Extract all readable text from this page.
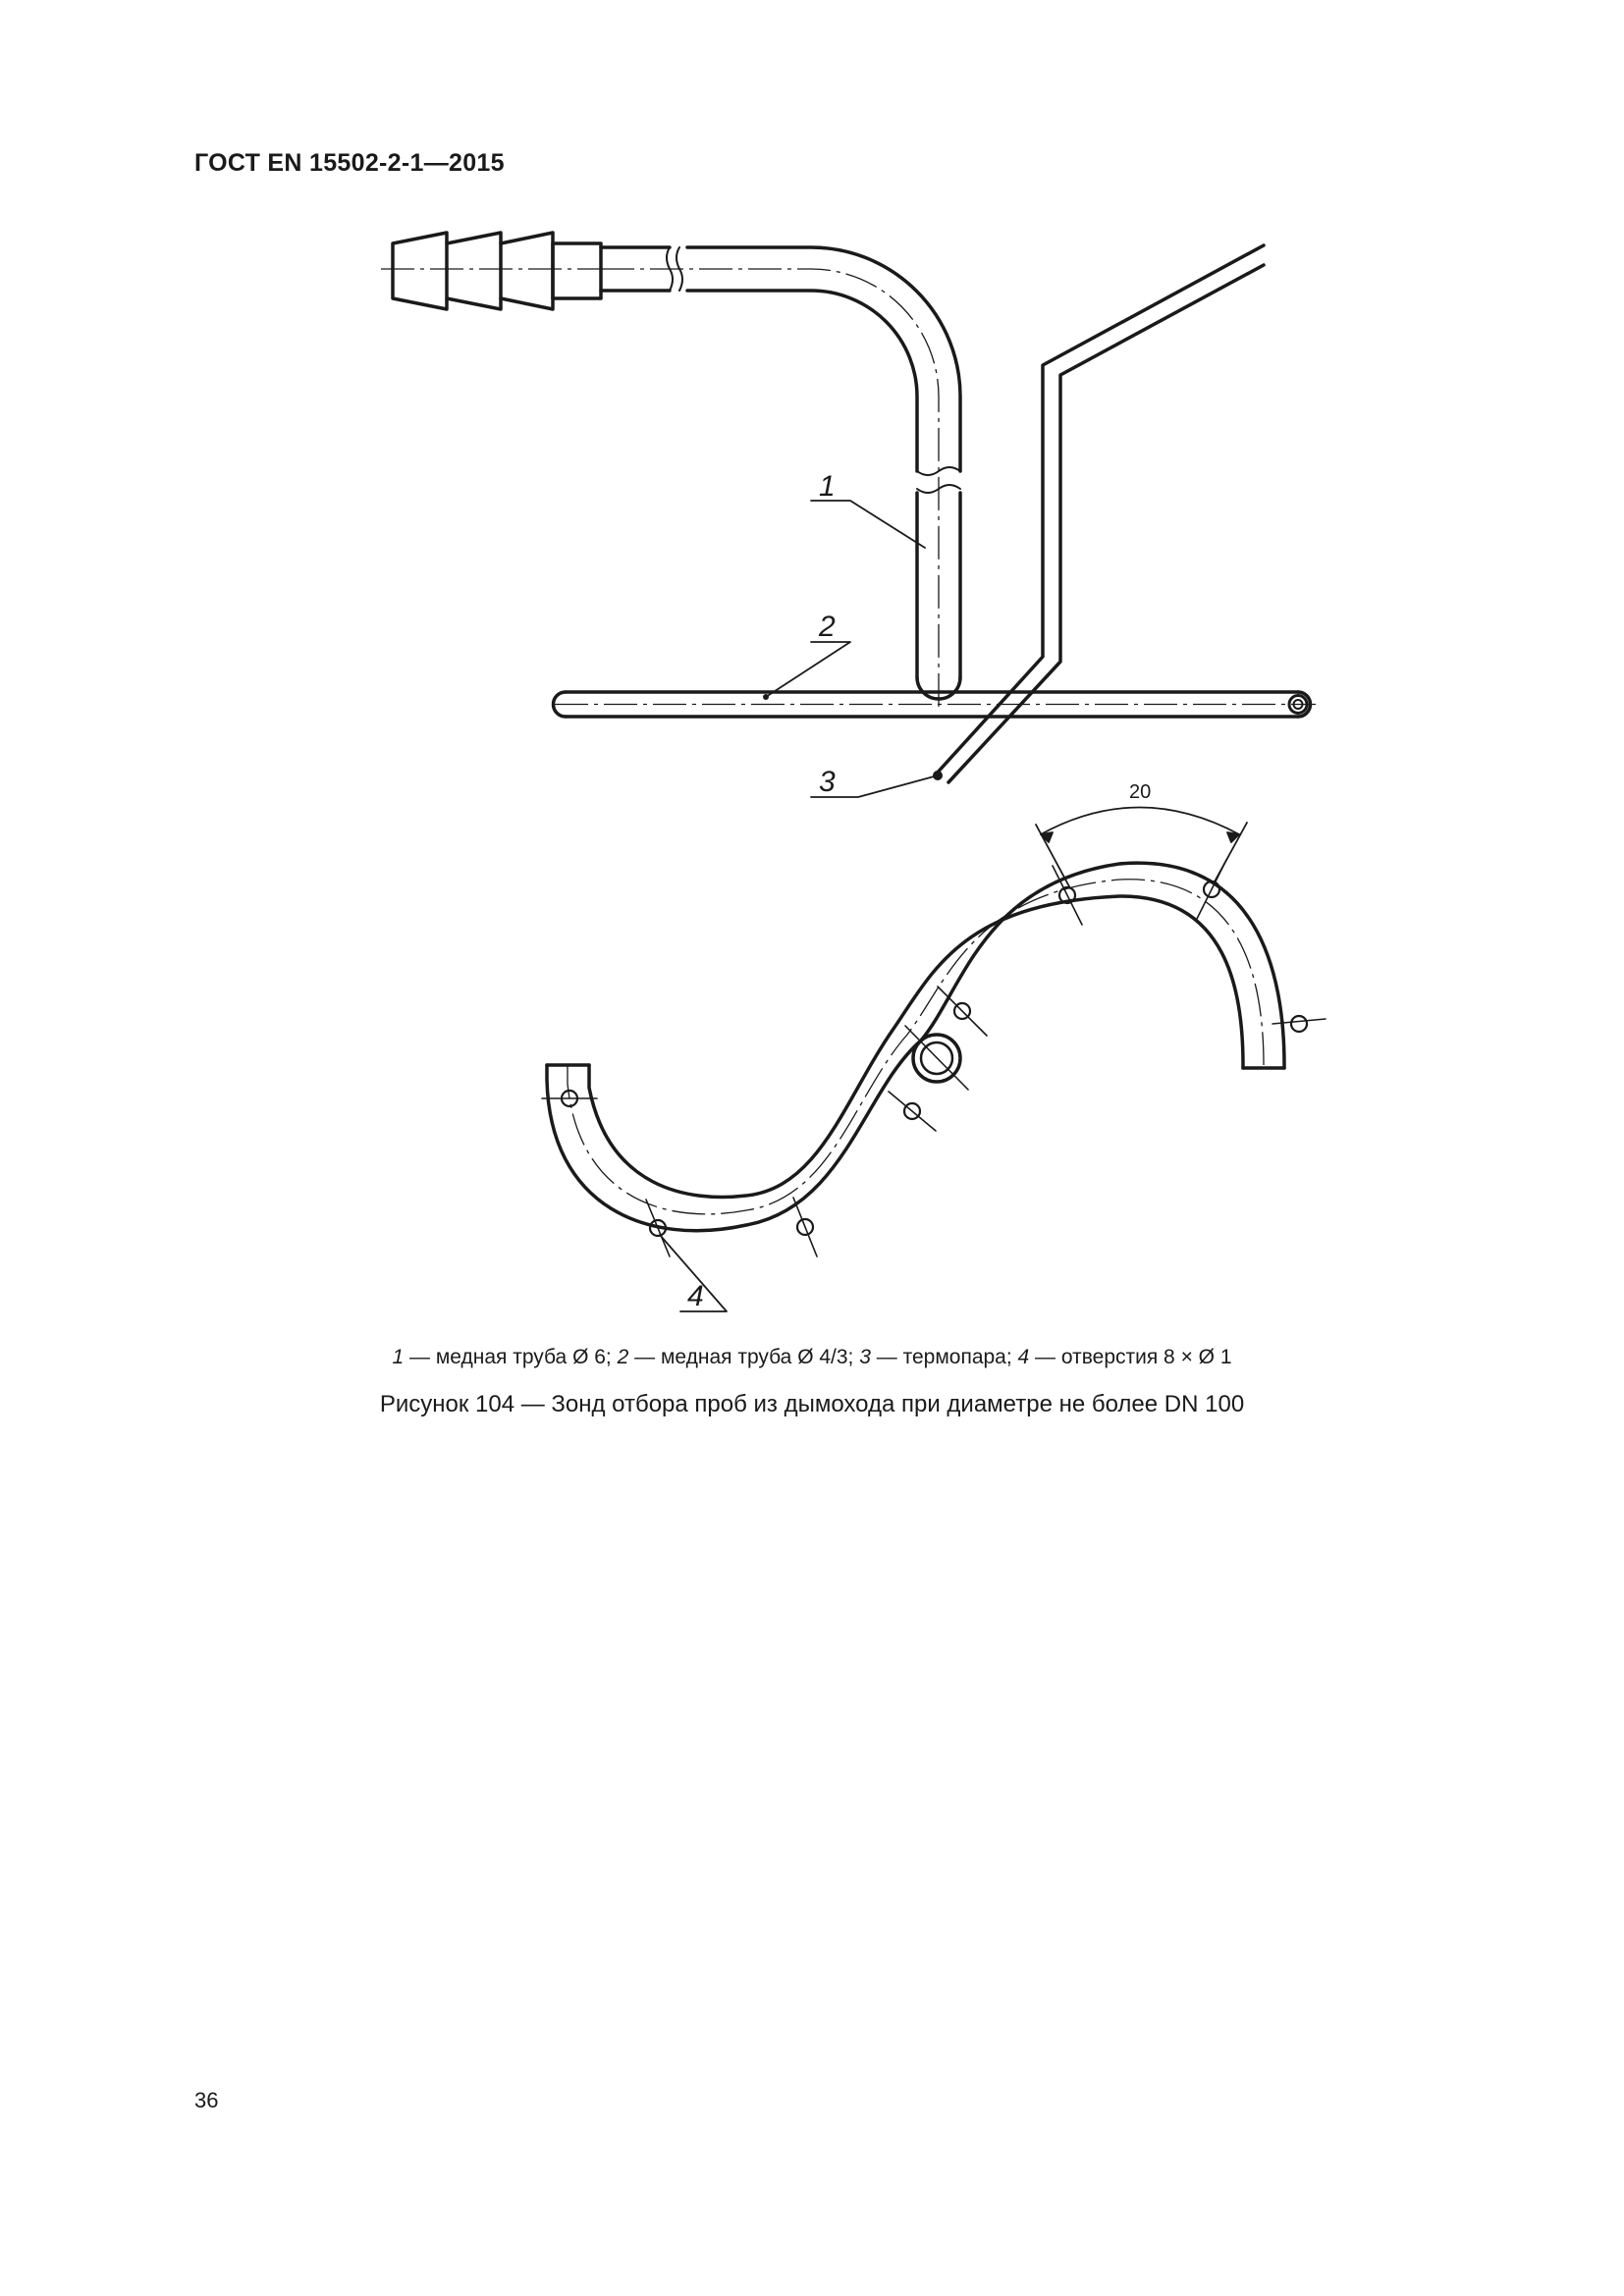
ГОСТ EN 15502-2-1—2015
1
2
3
4
20
1 — медная труба Ø 6; 2 — медная труба Ø 4/3; 3 — термопара; 4 — отверстия 8 × Ø 1
Рисунок 104 — Зонд отбора проб из дымохода при диаметре не более DN 100
36
